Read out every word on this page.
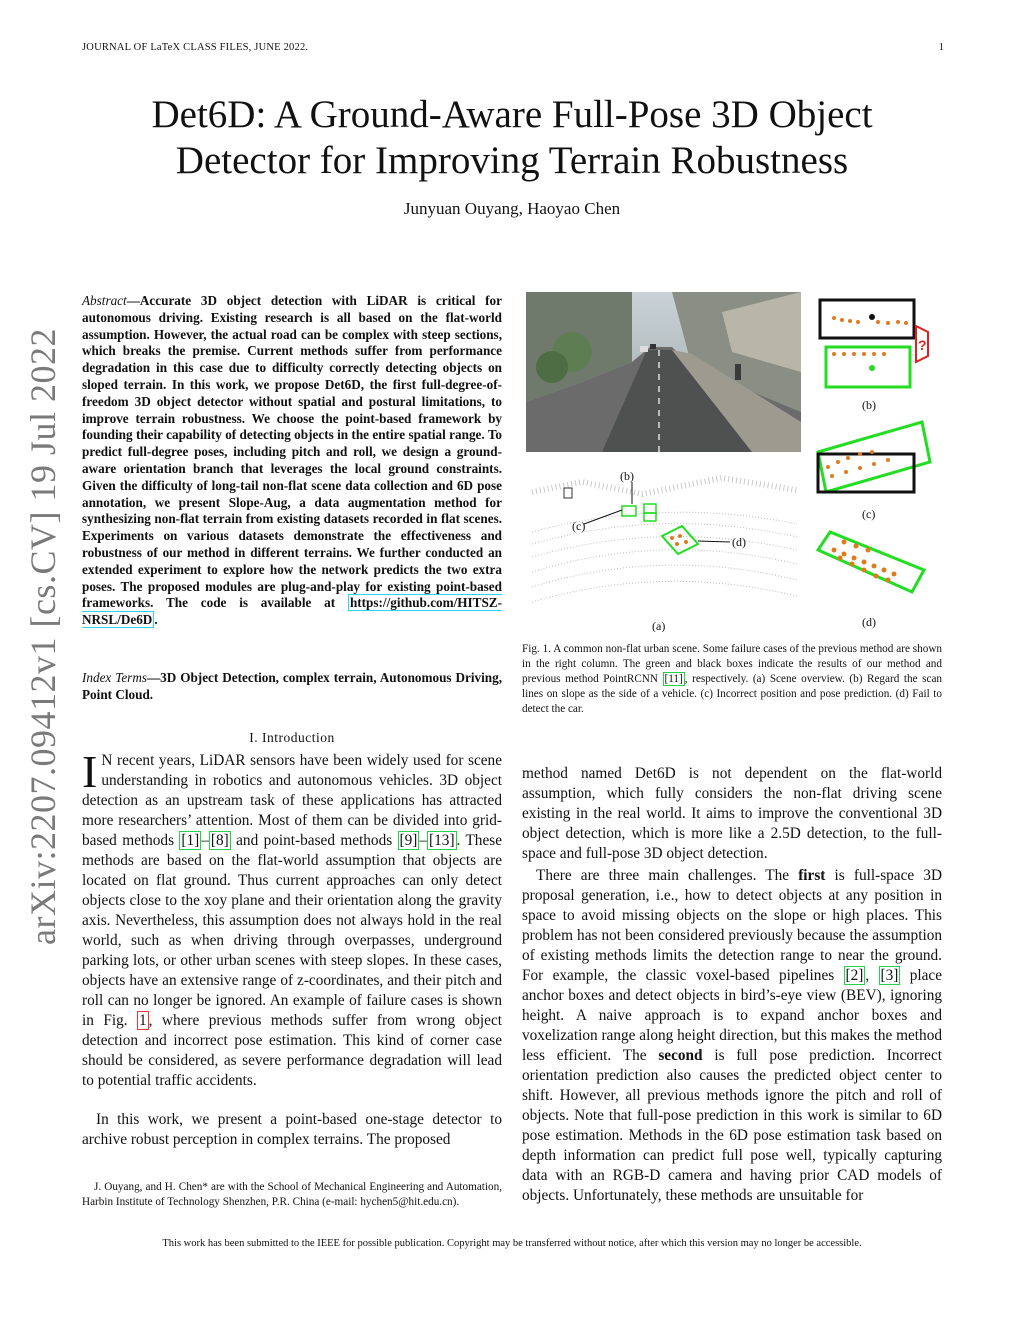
JOURNAL OF LaTeX CLASS FILES, JUNE 2022.	1
Det6D: A Ground-Aware Full-Pose 3D Object
Detector for Improving Terrain Robustness
Junyuan Ouyang, Haoyao Chen
arXiv:2207.09412v1 [cs.CV] 19 Jul 2022
Abstract—Accurate 3D object detection with LiDAR is critical for autonomous driving. Existing research is all based on the flat-world assumption. However, the actual road can be complex with steep sections, which breaks the premise. Current methods suffer from performance degradation in this case due to difficulty correctly detecting objects on sloped terrain. In this work, we propose Det6D, the first full-degree-of-freedom 3D object detector without spatial and postural limitations, to improve terrain robustness. We choose the point-based framework by founding their capability of detecting objects in the entire spatial range. To predict full-degree poses, including pitch and roll, we design a ground-aware orientation branch that leverages the local ground constraints. Given the difficulty of long-tail non-flat scene data collection and 6D pose annotation, we present Slope-Aug, a data augmentation method for synthesizing non-flat terrain from existing datasets recorded in flat scenes. Experiments on various datasets demonstrate the effectiveness and robustness of our method in different terrains. We further conducted an extended experiment to explore how the network predicts the two extra poses. The proposed modules are plug-and-play for existing point-based frameworks. The code is available at https://github.com/HITSZ-NRSL/De6D .
Index Terms—3D Object Detection, complex terrain, Autonomous Driving, Point Cloud.
I. Introduction
I N recent years, LiDAR sensors have been widely used for scene understanding in robotics and autonomous vehicles. 3D object detection as an upstream task of these applications has attracted more researchers’ attention. Most of them can be divided into grid-based methods [1] – [8] and point-based methods [9] – [13] . These methods are based on the flat-world assumption that objects are located on flat ground. Thus current approaches can only detect objects close to the xoy plane and their orientation along the gravity axis. Nevertheless, this assumption does not always hold in the real world, such as when driving through overpasses, underground parking lots, or other urban scenes with steep slopes. In these cases, objects have an extensive range of z-coordinates, and their pitch and roll can no longer be ignored. An example of failure cases is shown in Fig. 1 , where previous methods suffer from wrong object detection and incorrect pose estimation. This kind of corner case should be considered, as severe performance degradation will lead to potential traffic accidents.
In this work, we present a point-based one-stage detector to archive robust perception in complex terrains. The proposed
J. Ouyang, and H. Chen* are with the School of Mechanical Engineering and Automation, Harbin Institute of Technology Shenzhen, P.R. China (e-mail: hychen5@hit.edu.cn).
This work has been submitted to the IEEE for possible publication. Copyright may be transferred without notice, after which this version may no longer be accessible.
(b)
(c)
(d)
(a)
?
(b)
(c)
(d)
Fig. 1. A common non-flat urban scene. Some failure cases of the previous method are shown in the right column. The green and black boxes indicate the results of our method and previous method PointRCNN [11] , respectively. (a) Scene overview. (b) Regard the scan lines on slope as the side of a vehicle. (c) Incorrect position and pose prediction. (d) Fail to detect the car.
method named Det6D is not dependent on the flat-world assumption, which fully considers the non-flat driving scene existing in the real world. It aims to improve the conventional 3D object detection, which is more like a 2.5D detection, to the full-space and full-pose 3D object detection.
There are three main challenges. The first is full-space 3D proposal generation, i.e., how to detect objects at any position in space to avoid missing objects on the slope or high places. This problem has not been considered previously because the assumption of existing methods limits the detection range to near the ground. For example, the classic voxel-based pipelines [2] , [3] place anchor boxes and detect objects in bird’s-eye view (BEV), ignoring height. A naive approach is to expand anchor boxes and voxelization range along height direction, but this makes the method less efficient. The second is full pose prediction. Incorrect orientation prediction also causes the predicted object center to shift. However, all previous methods ignore the pitch and roll of objects. Note that full-pose prediction in this work is similar to 6D pose estimation. Methods in the 6D pose estimation task based on depth information can predict full pose well, typically capturing data with an RGB-D camera and having prior CAD models of objects. Unfortunately, these methods are unsuitable for
